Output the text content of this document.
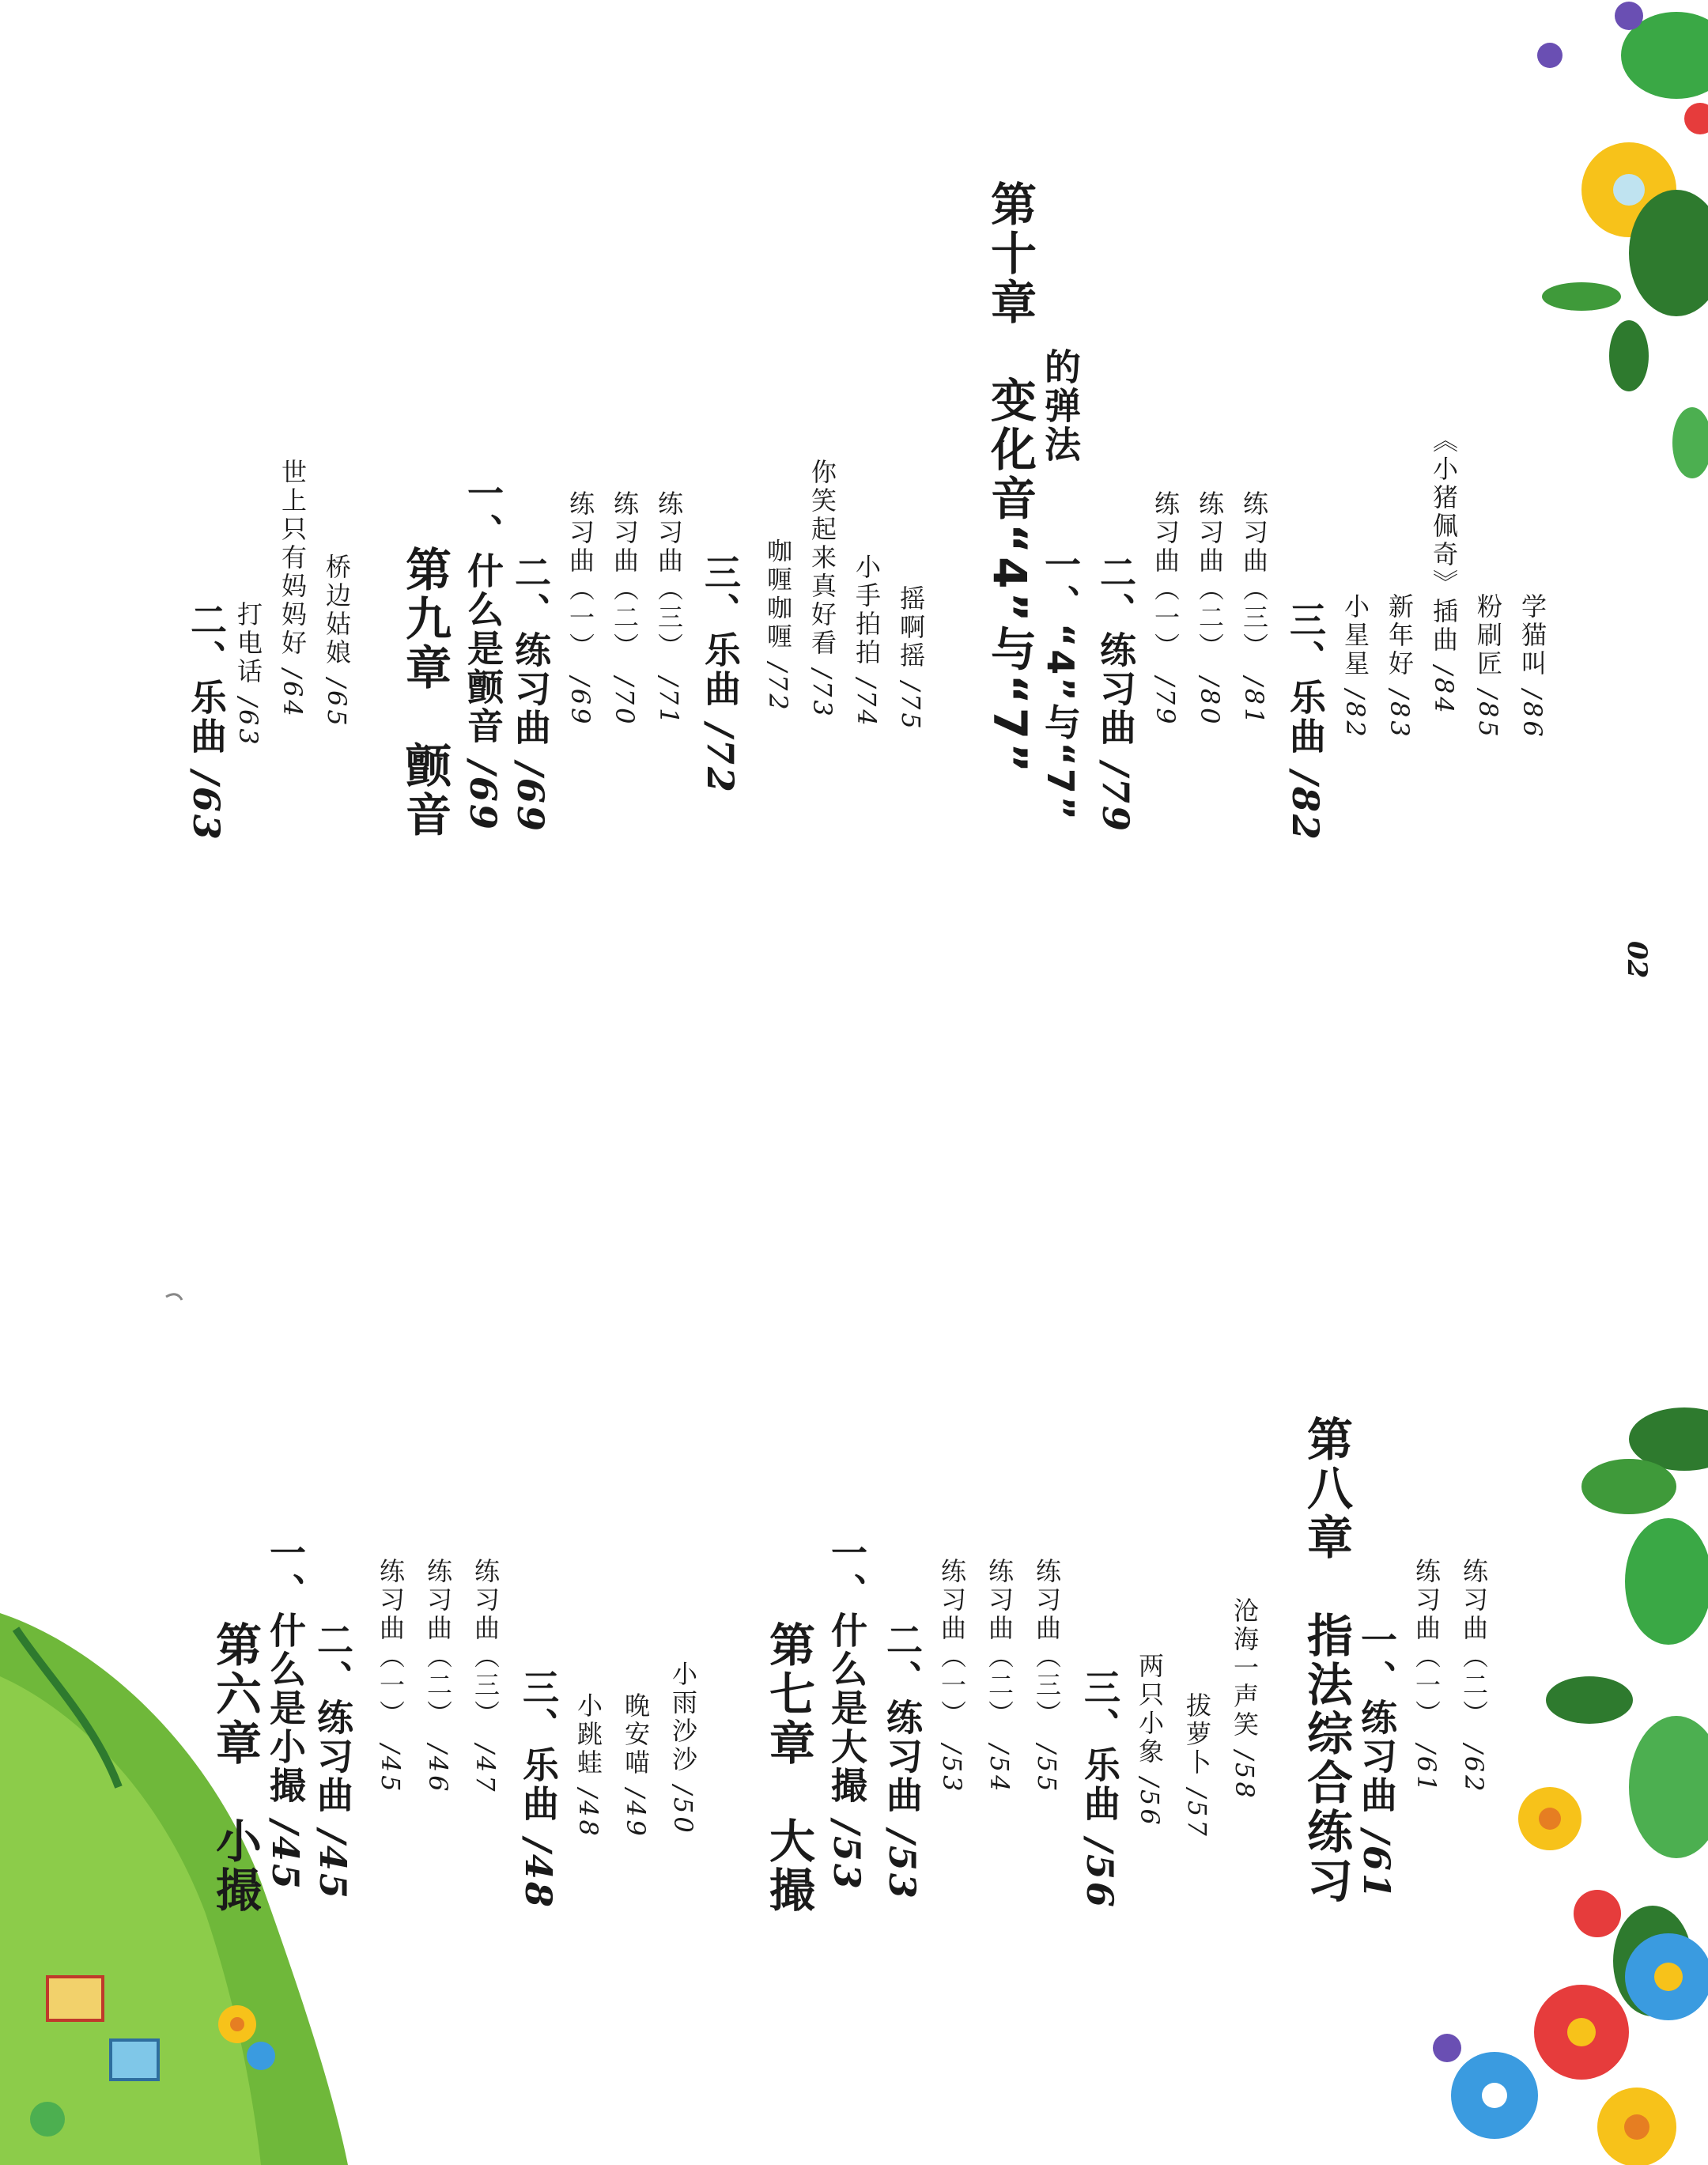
第六章　小撮 一、什么是小撮 /45
二、练习曲 /45
练习曲（一）　/45
练习曲（二）　/46
练习曲（三）　/47 三、乐曲 /48
小跳蛙 /48
晚安喵 /49
小雨沙沙 /50 第七章　大撮 一、什么是大撮 /53
二、练习曲 /53
练习曲（一）　/53
练习曲（二）　/54
练习曲（三）　/55 三、乐曲 /56
两只小象 /56
拔萝卜 /57
沧海一声笑 /58 第八章　指法综合练习 一、练习曲 /61
练习曲（一）　/61
练习曲（二）　/62
二、乐曲 /63
打电话 /63
世上只有妈妈好 /64
桥边姑娘 /65 第九章　颤音 一、什么是颤音 /69
二、练习曲 /69
练习曲（一）　/69
练习曲（二）　/70
练习曲（三）　/71 三、乐曲 /72
咖喱咖喱 /72
你笑起来真好看 /73
小手拍拍 /74
摇啊摇 /75 第十章　变化音“4”与“7” 的弹法
一、“4”与“7” 二、练习曲 /79
练习曲（一）　/79
练习曲（二）　/80
练习曲（三）　/81 三、乐曲 /82
小星星 /82
新年好 /83
《小猪佩奇》插曲 /84
粉刷匠 /85
学猫叫 /86
02
